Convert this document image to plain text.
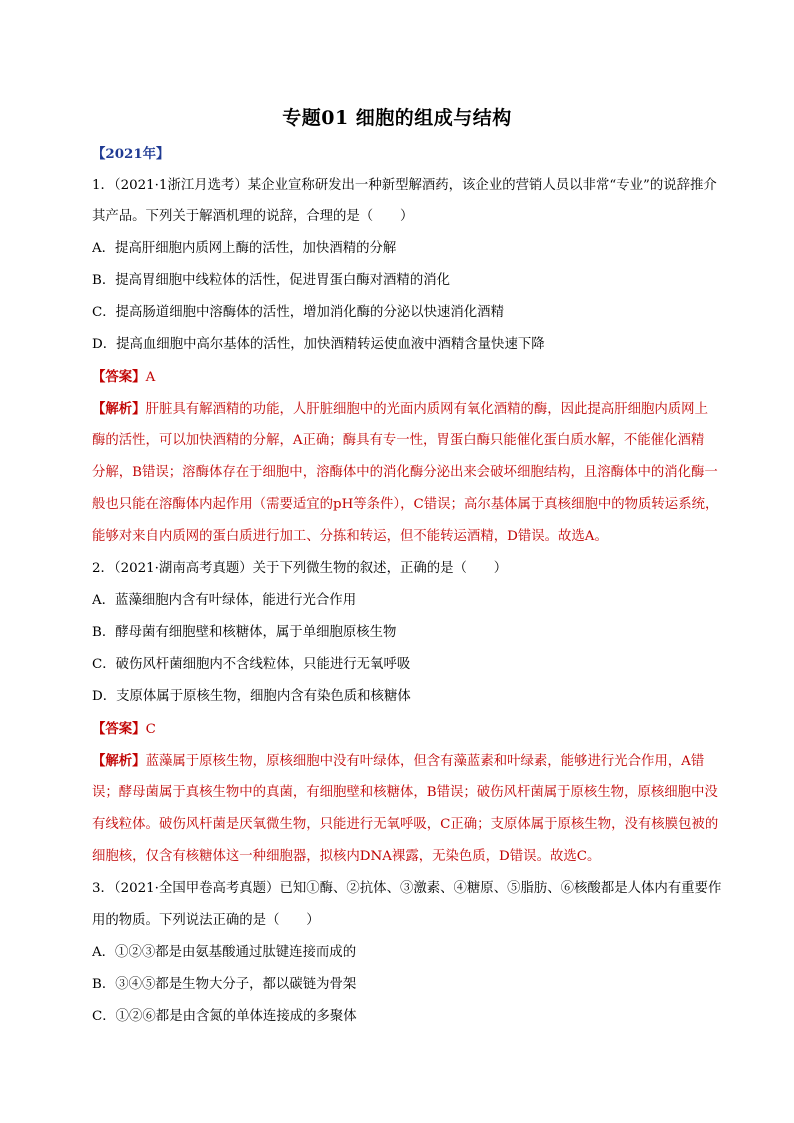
专题01 细胞的组成与结构
【2021年】
1．（2021·1浙江月选考）某企业宣称研发出一种新型解酒药，该企业的营销人员以非常“专业”的说辞推介
其产品。下列关于解酒机理的说辞，合理的是（　　）
A．提高肝细胞内质网上酶的活性，加快酒精的分解
B．提高胃细胞中线粒体的活性，促进胃蛋白酶对酒精的消化
C．提高肠道细胞中溶酶体的活性，增加消化酶的分泌以快速消化酒精
D．提高血细胞中高尔基体的活性，加快酒精转运使血液中酒精含量快速下降
【答案】A
【解析】肝脏具有解酒精的功能，人肝脏细胞中的光面内质网有氧化酒精的酶，因此提高肝细胞内质网上
酶的活性，可以加快酒精的分解，A正确；酶具有专一性，胃蛋白酶只能催化蛋白质水解，不能催化酒精
分解，B错误；溶酶体存在于细胞中，溶酶体中的消化酶分泌出来会破坏细胞结构，且溶酶体中的消化酶一
般也只能在溶酶体内起作用（需要适宜的pH等条件），C错误；高尔基体属于真核细胞中的物质转运系统，
能够对来自内质网的蛋白质进行加工、分拣和转运，但不能转运酒精，D错误。故选A。
2．（2021·湖南高考真题）关于下列微生物的叙述，正确的是（　　）
A．蓝藻细胞内含有叶绿体，能进行光合作用
B．酵母菌有细胞壁和核糖体，属于单细胞原核生物
C．破伤风杆菌细胞内不含线粒体，只能进行无氧呼吸
D．支原体属于原核生物，细胞内含有染色质和核糖体
【答案】C
【解析】蓝藻属于原核生物，原核细胞中没有叶绿体，但含有藻蓝素和叶绿素，能够进行光合作用，A错
误；酵母菌属于真核生物中的真菌，有细胞壁和核糖体，B错误；破伤风杆菌属于原核生物，原核细胞中没
有线粒体。破伤风杆菌是厌氧微生物，只能进行无氧呼吸，C正确；支原体属于原核生物，没有核膜包被的
细胞核，仅含有核糖体这一种细胞器，拟核内DNA裸露，无染色质，D错误。故选C。
3．（2021·全国甲卷高考真题）已知①酶、②抗体、③激素、④糖原、⑤脂肪、⑥核酸都是人体内有重要作
用的物质。下列说法正确的是（　　）
A．①②③都是由氨基酸通过肽键连接而成的
B．③④⑤都是生物大分子，都以碳链为骨架
C．①②⑥都是由含氮的单体连接成的多聚体
